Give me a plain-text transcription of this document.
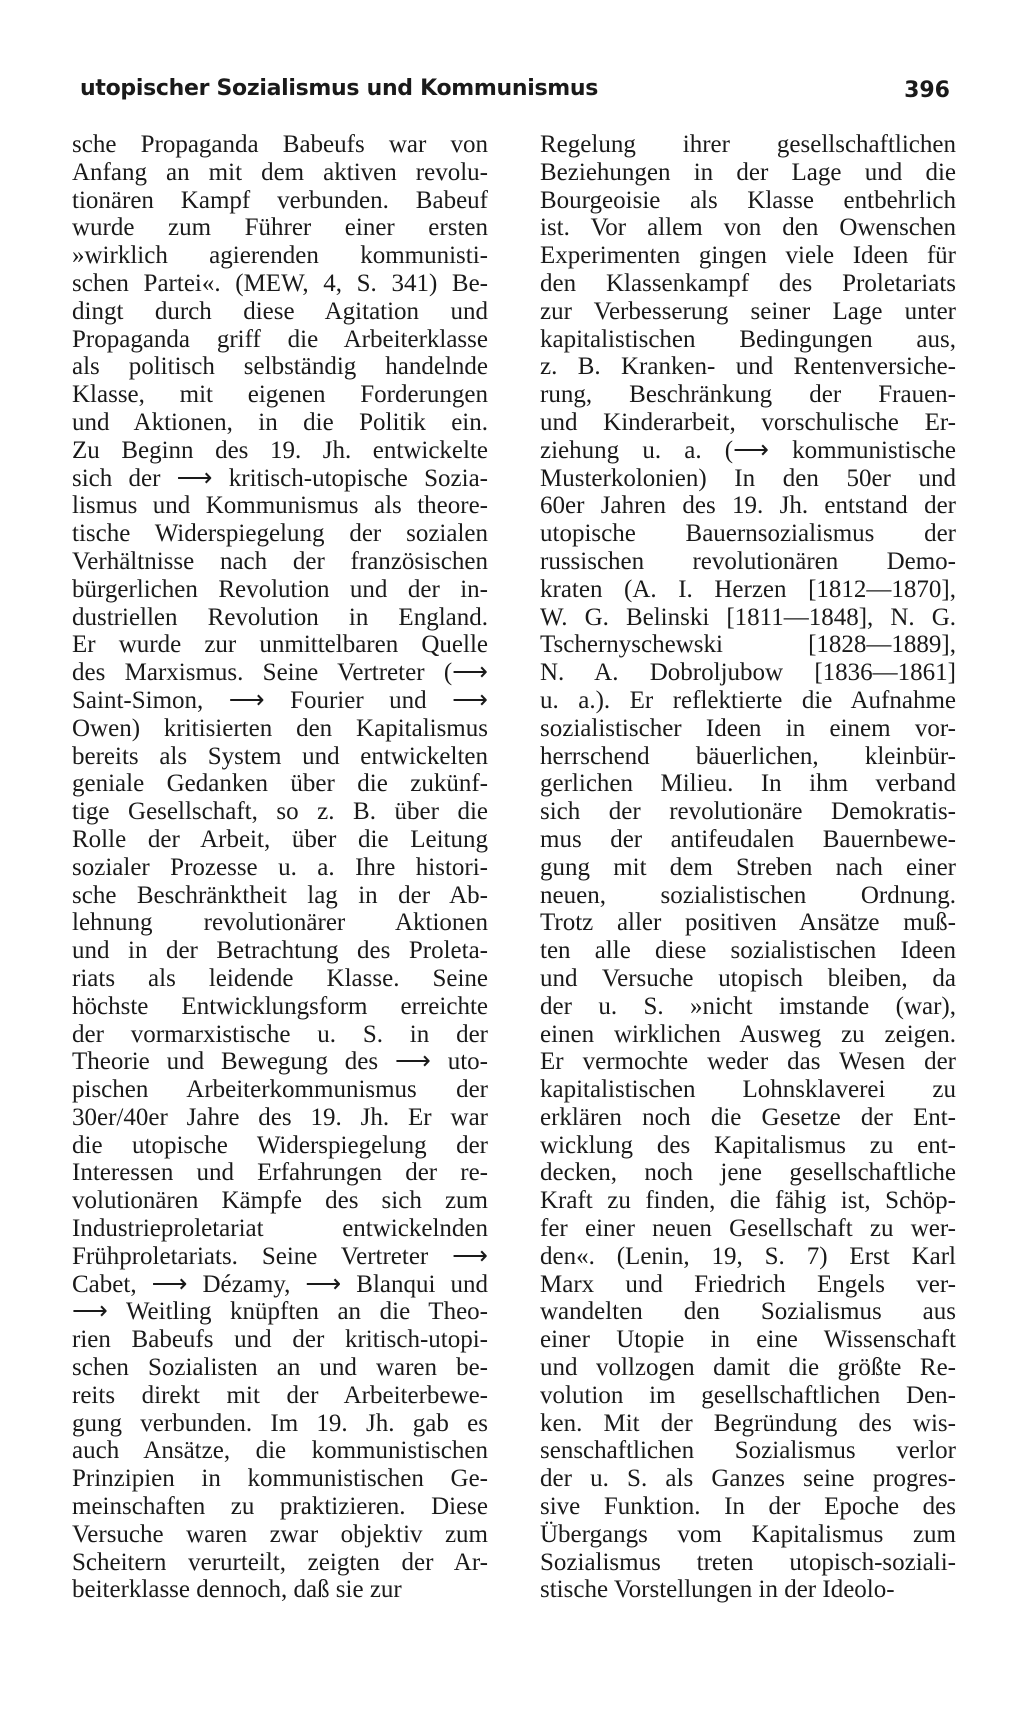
utopischer Sozialismus und Kommunismus	396
sche Propaganda Babeufs war von
Anfang an mit dem aktiven revolu-
tionären Kampf verbunden. Babeuf
wurde zum Führer einer ersten
»wirklich agierenden kommunisti-
schen Partei«. (MEW, 4, S. 341) Be-
dingt durch diese Agitation und
Propaganda griff die Arbeiterklasse
als politisch selbständig handelnde
Klasse, mit eigenen Forderungen
und Aktionen, in die Politik ein.
Zu Beginn des 19. Jh. entwickelte
sich der ⟶ kritisch-utopische Sozia-
lismus und Kommunismus als theore-
tische Widerspiegelung der sozialen
Verhältnisse nach der französischen
bürgerlichen Revolution und der in-
dustriellen Revolution in England.
Er wurde zur unmittelbaren Quelle
des Marxismus. Seine Vertreter (⟶
Saint-Simon, ⟶ Fourier und ⟶
Owen) kritisierten den Kapitalismus
bereits als System und entwickelten
geniale Gedanken über die zukünf-
tige Gesellschaft, so z. B. über die
Rolle der Arbeit, über die Leitung
sozialer Prozesse u. a. Ihre histori-
sche Beschränktheit lag in der Ab-
lehnung revolutionärer Aktionen
und in der Betrachtung des Proleta-
riats als leidende Klasse. Seine
höchste Entwicklungsform erreichte
der vormarxistische u. S. in der
Theorie und Bewegung des ⟶ uto-
pischen Arbeiterkommunismus der
30er/40er Jahre des 19. Jh. Er war
die utopische Widerspiegelung der
Interessen und Erfahrungen der re-
volutionären Kämpfe des sich zum
Industrieproletariat entwickelnden
Frühproletariats. Seine Vertreter ⟶
Cabet, ⟶ Dézamy, ⟶ Blanqui und
⟶ Weitling knüpften an die Theo-
rien Babeufs und der kritisch-utopi-
schen Sozialisten an und waren be-
reits direkt mit der Arbeiterbewe-
gung verbunden. Im 19. Jh. gab es
auch Ansätze, die kommunistischen
Prinzipien in kommunistischen Ge-
meinschaften zu praktizieren. Diese
Versuche waren zwar objektiv zum
Scheitern verurteilt, zeigten der Ar-
beiterklasse dennoch, daß sie zur
Regelung ihrer gesellschaftlichen
Beziehungen in der Lage und die
Bourgeoisie als Klasse entbehrlich
ist. Vor allem von den Owenschen
Experimenten gingen viele Ideen für
den Klassenkampf des Proletariats
zur Verbesserung seiner Lage unter
kapitalistischen Bedingungen aus,
z. B. Kranken- und Rentenversiche-
rung, Beschränkung der Frauen-
und Kinderarbeit, vorschulische Er-
ziehung u. a. (⟶ kommunistische
Musterkolonien) In den 50er und
60er Jahren des 19. Jh. entstand der
utopische Bauernsozialismus der
russischen revolutionären Demo-
kraten (A. I. Herzen [1812—1870],
W. G. Belinski [1811—1848], N. G.
Tschernyschewski [1828—1889],
N. A. Dobroljubow [1836—1861]
u. a.). Er reflektierte die Aufnahme
sozialistischer Ideen in einem vor-
herrschend bäuerlichen, kleinbür-
gerlichen Milieu. In ihm verband
sich der revolutionäre Demokratis-
mus der antifeudalen Bauernbewe-
gung mit dem Streben nach einer
neuen, sozialistischen Ordnung.
Trotz aller positiven Ansätze muß-
ten alle diese sozialistischen Ideen
und Versuche utopisch bleiben, da
der u. S. »nicht imstande (war),
einen wirklichen Ausweg zu zeigen.
Er vermochte weder das Wesen der
kapitalistischen Lohnsklaverei zu
erklären noch die Gesetze der Ent-
wicklung des Kapitalismus zu ent-
decken, noch jene gesellschaftliche
Kraft zu finden, die fähig ist, Schöp-
fer einer neuen Gesellschaft zu wer-
den«. (Lenin, 19, S. 7) Erst Karl
Marx und Friedrich Engels ver-
wandelten den Sozialismus aus
einer Utopie in eine Wissenschaft
und vollzogen damit die größte Re-
volution im gesellschaftlichen Den-
ken. Mit der Begründung des wis-
senschaftlichen Sozialismus verlor
der u. S. als Ganzes seine progres-
sive Funktion. In der Epoche des
Übergangs vom Kapitalismus zum
Sozialismus treten utopisch-soziali-
stische Vorstellungen in der Ideolo-
